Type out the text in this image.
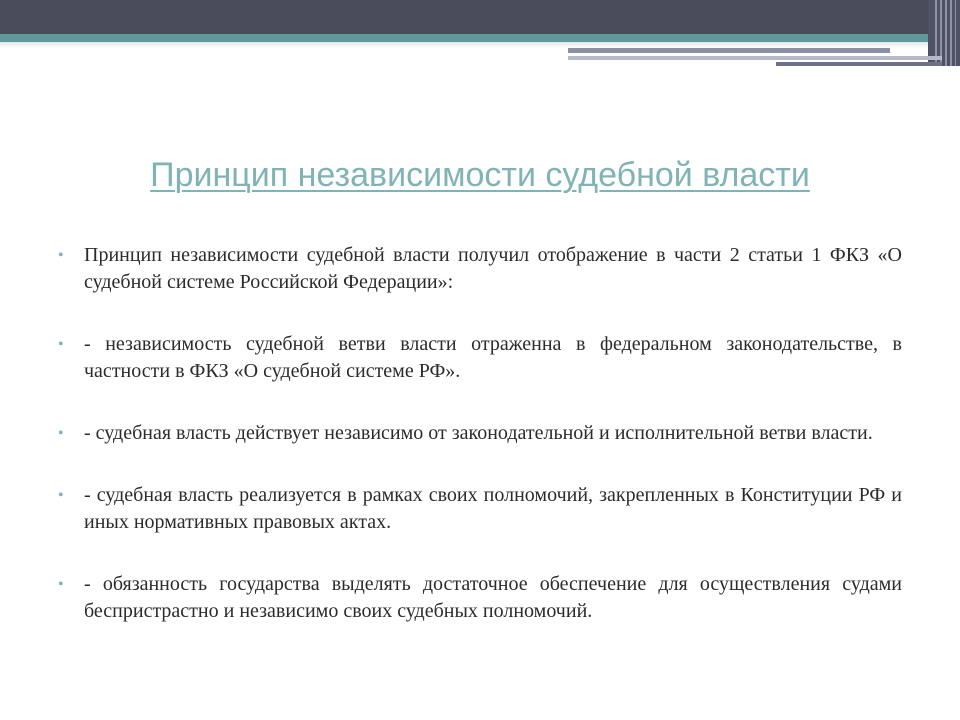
Принцип независимости судебной власти
• Принцип независимости судебной власти получил отображение в части 2 статьи 1 ФКЗ «О судебной системе Российской Федерации»:
• - независимость судебной ветви власти отраженна в федеральном законодательстве, в частности в ФКЗ «О судебной системе РФ».
• - судебная власть действует независимо от законодательной и исполнительной ветви власти.
• - судебная власть реализуется в рамках своих полномочий, закрепленных в Конституции РФ и иных нормативных правовых актах.
• - обязанность государства выделять достаточное обеспечение для осуществления судами беспристрастно и независимо своих судебных полномочий.
